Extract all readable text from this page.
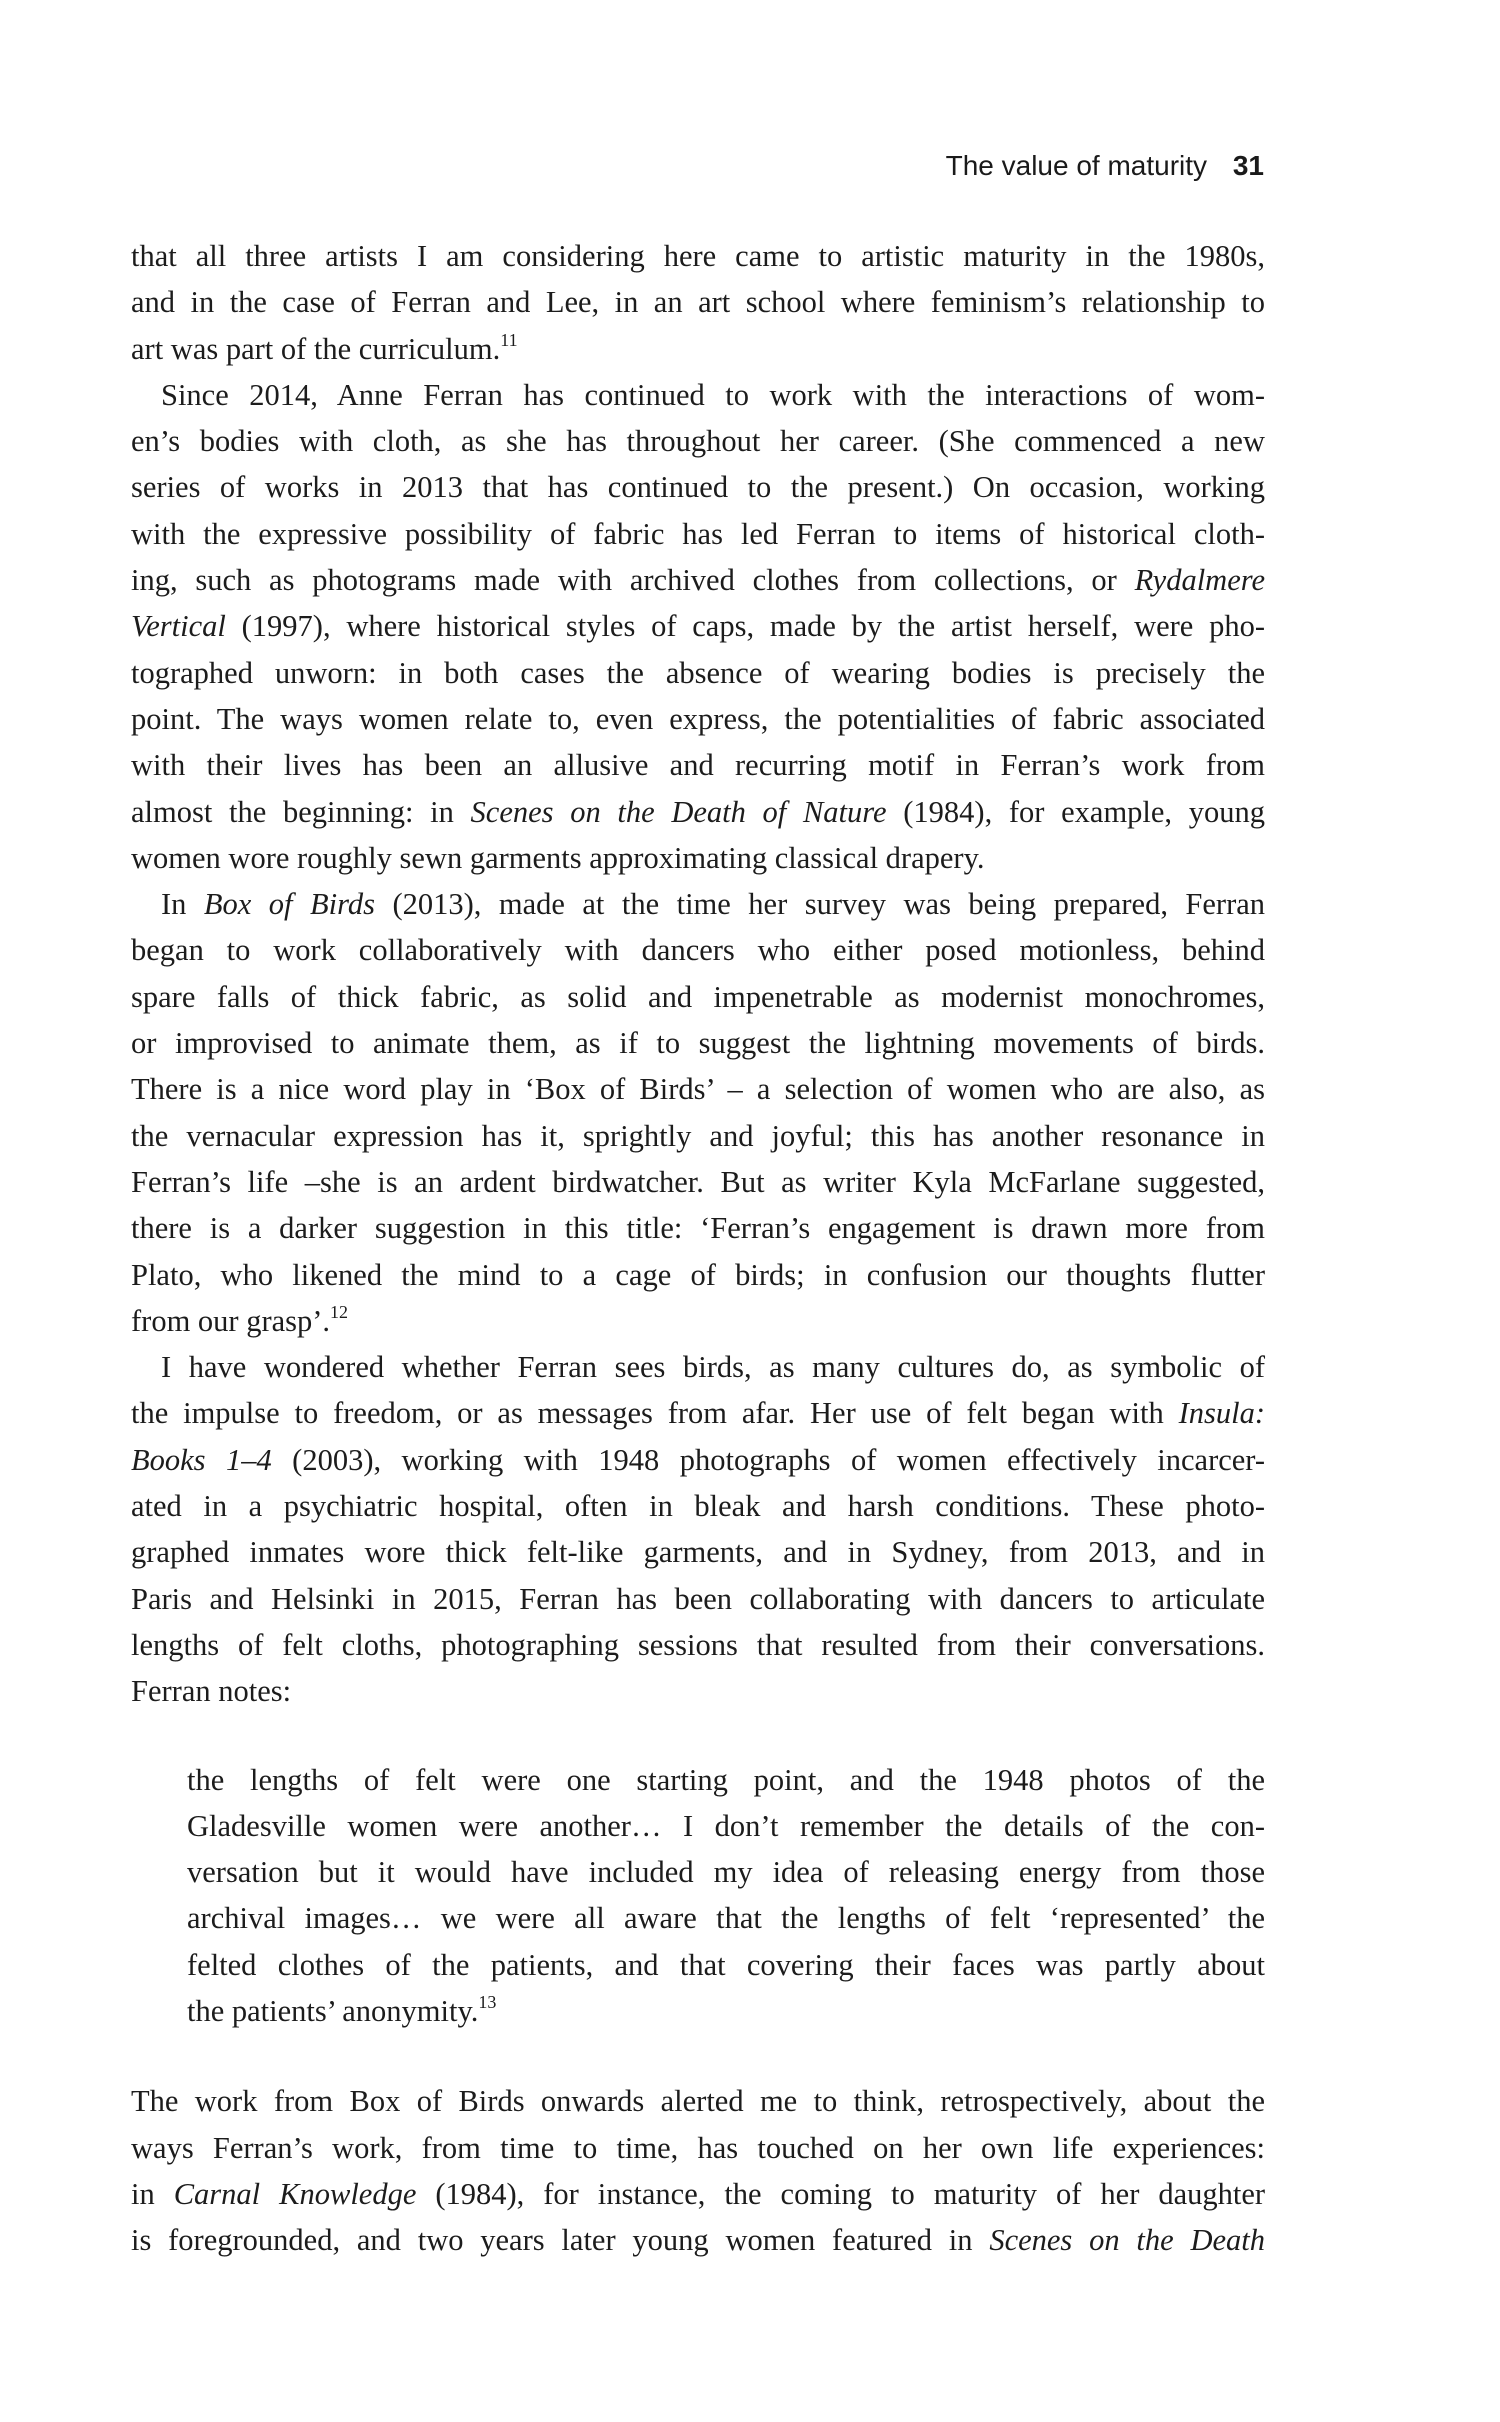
The value of maturity 31
that all three artists I am considering here came to artistic maturity in the 1980s,
and in the case of Ferran and Lee, in an art school where feminism’s relationship to
art was part of the curriculum.$^{11}$
Since 2014, Anne Ferran has continued to work with the interactions of wom-
en’s bodies with cloth, as she has throughout her career. (She commenced a new
series of works in 2013 that has continued to the present.) On occasion, working
with the expressive possibility of fabric has led Ferran to items of historical cloth-
ing, such as photograms made with archived clothes from collections, or Rydalmere
Vertical (1997), where historical styles of caps, made by the artist herself, were pho-
tographed unworn: in both cases the absence of wearing bodies is precisely the
point. The ways women relate to, even express, the potentialities of fabric associated
with their lives has been an allusive and recurring motif in Ferran’s work from
almost the beginning: in Scenes on the Death of Nature (1984), for example, young
women wore roughly sewn garments approximating classical drapery.
In Box of Birds (2013), made at the time her survey was being prepared, Ferran
began to work collaboratively with dancers who either posed motionless, behind
spare falls of thick fabric, as solid and impenetrable as modernist monochromes,
or improvised to animate them, as if to suggest the lightning movements of birds.
There is a nice word play in ‘Box of Birds’ – a selection of women who are also, as
the vernacular expression has it, sprightly and joyful; this has another resonance in
Ferran’s life –she is an ardent birdwatcher. But as writer Kyla McFarlane suggested,
there is a darker suggestion in this title: ‘Ferran’s engagement is drawn more from
Plato, who likened the mind to a cage of birds; in confusion our thoughts flutter
from our grasp’.$^{12}$
I have wondered whether Ferran sees birds, as many cultures do, as symbolic of
the impulse to freedom, or as messages from afar. Her use of felt began with Insula:
Books 1–4 (2003), working with 1948 photographs of women effectively incarcer-
ated in a psychiatric hospital, often in bleak and harsh conditions. These photo-
graphed inmates wore thick felt-like garments, and in Sydney, from 2013, and in
Paris and Helsinki in 2015, Ferran has been collaborating with dancers to articulate
lengths of felt cloths, photographing sessions that resulted from their conversations.
Ferran notes:
the lengths of felt were one starting point, and the 1948 photos of the
Gladesville women were another… I don’t remember the details of the con-
versation but it would have included my idea of releasing energy from those
archival images… we were all aware that the lengths of felt ‘represented’ the
felted clothes of the patients, and that covering their faces was partly about
the patients’ anonymity.$^{13}$
The work from Box of Birds onwards alerted me to think, retrospectively, about the
ways Ferran’s work, from time to time, has touched on her own life experiences:
in Carnal Knowledge (1984), for instance, the coming to maturity of her daughter
is foregrounded, and two years later young women featured in Scenes on the Death
